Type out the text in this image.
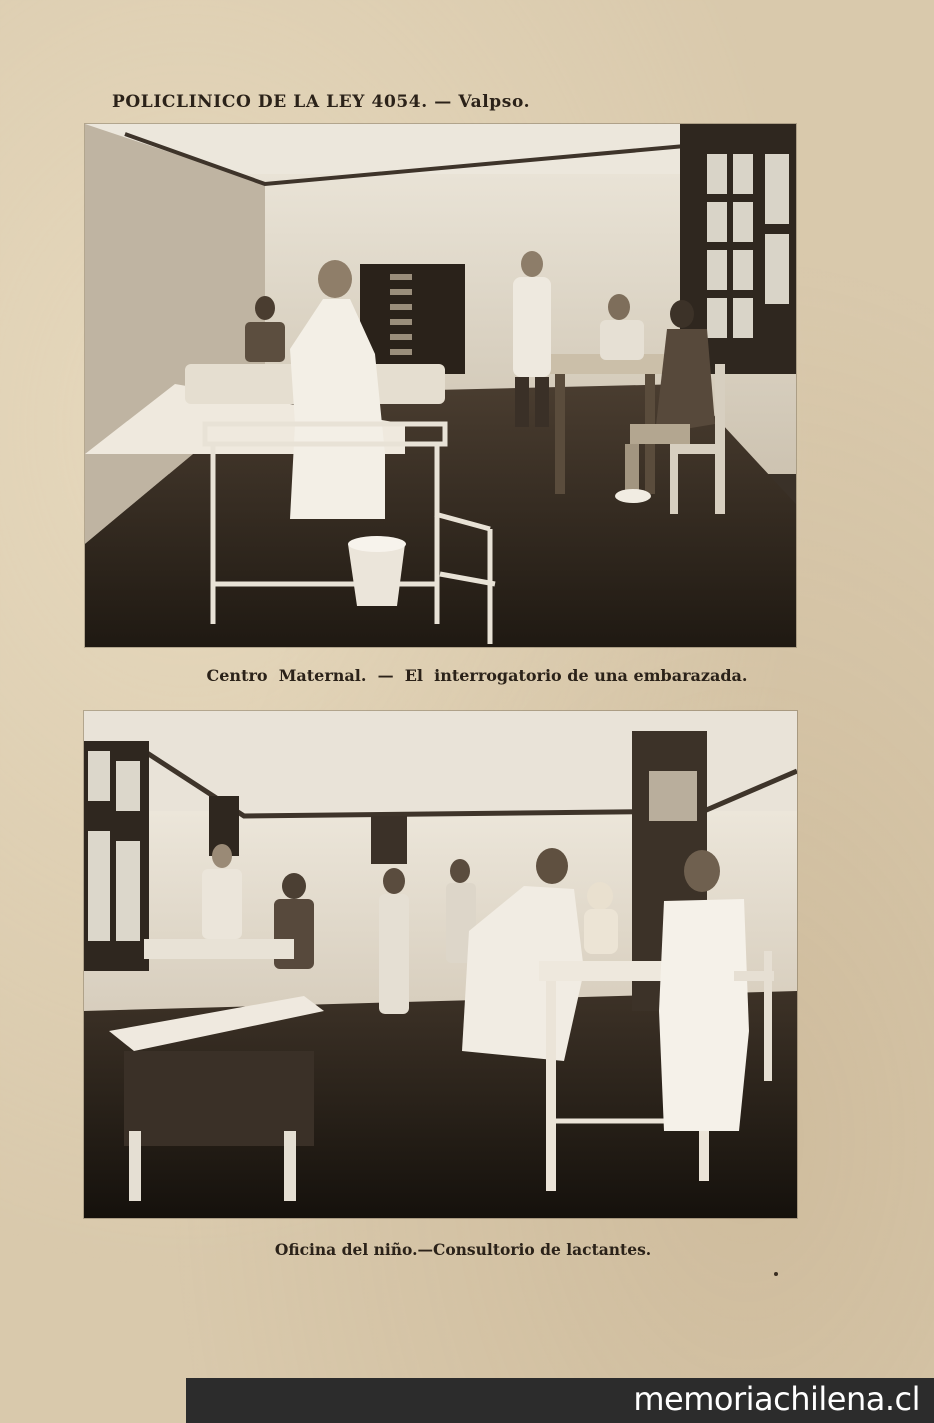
POLICLINICO DE LA LEY 4054. — Valpso.
Centro  Maternal.  —  El  interrogatorio de una embarazada.
Oficina del niño.—Consultorio de lactantes.
memoriachilena.cl
